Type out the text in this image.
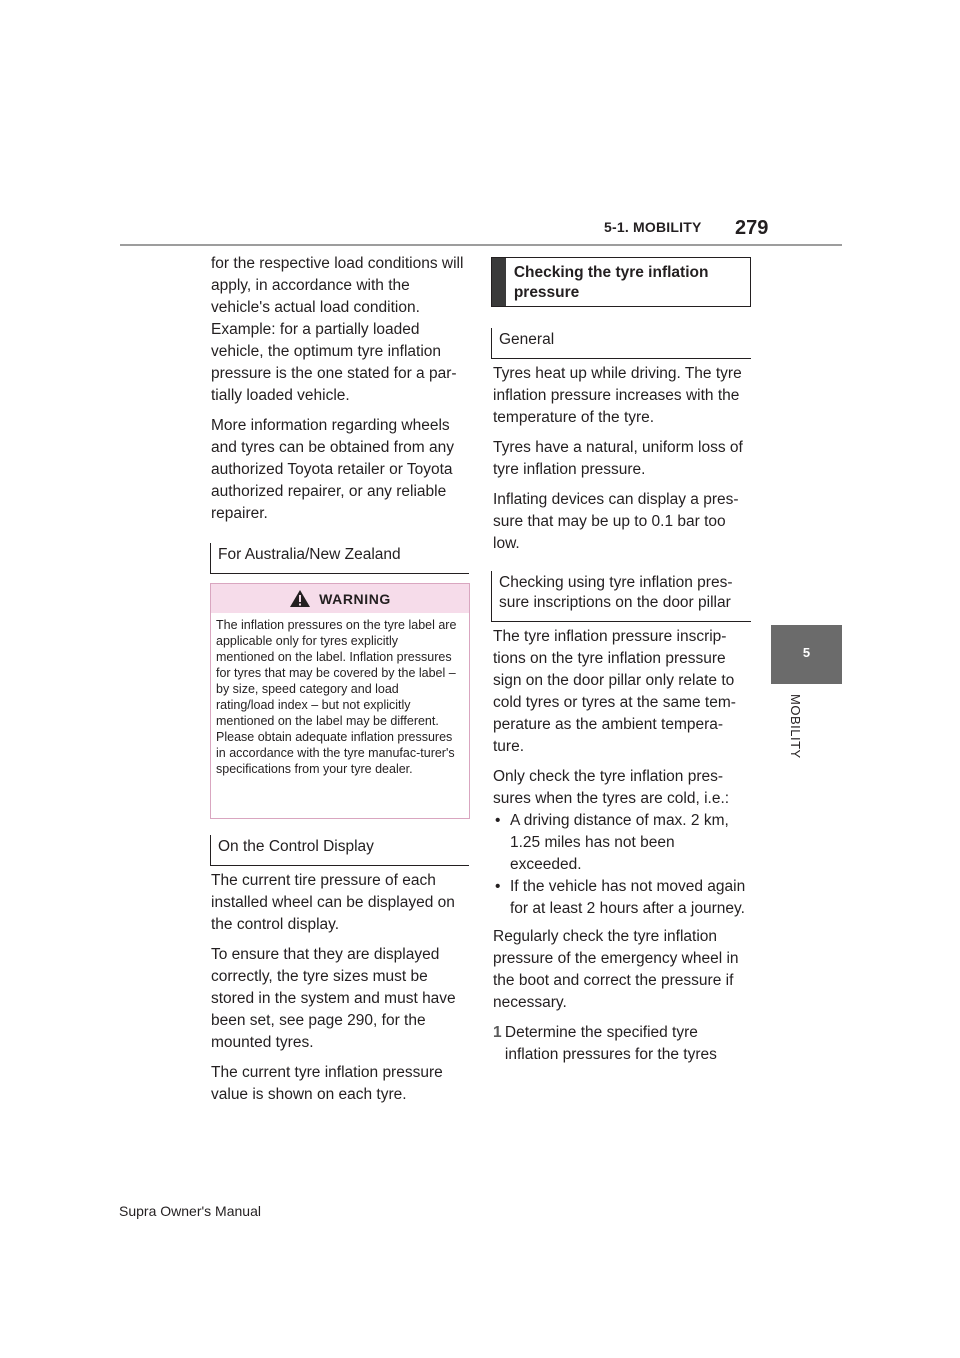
5-1. MOBILITY 279
5
MOBILITY

for the respective load conditions will apply, in accordance with the vehicle's actual load condition. Example: for a partially loaded vehicle, the optimum tyre inflation pressure is the one stated for a par-tially loaded vehicle.

More information regarding wheels and tyres can be obtained from any authorized Toyota retailer or Toyota authorized repairer, or any reliable repairer.

For Australia/New Zealand
WARNING
The inflation pressures on the tyre label are applicable only for tyres explicitly mentioned on the label. Inflation pressures for tyres that may be covered by the label – by size, speed category and load rating/load index – but not explicitly mentioned on the label may be different. Please obtain adequate inflation pressures in accordance with the tyre manufac-turer's specifications from your tyre dealer.
On the Control Display

The current tire pressure of each installed wheel can be displayed on the control display.

To ensure that they are displayed correctly, the tyre sizes must be stored in the system and must have been set, see page 290, for the mounted tyres.

The current tyre inflation pressure value is shown on each tyre.

Checking the tyre inflation pressure
General

Tyres heat up while driving. The tyre inflation pressure increases with the temperature of the tyre.

Tyres have a natural, uniform loss of tyre inflation pressure.

Inflating devices can display a pres-sure that may be up to 0.1 bar too low.

Checking using tyre inflation pres-sure inscriptions on the door pillar

The tyre inflation pressure inscrip-tions on the tyre inflation pressure sign on the door pillar only relate to cold tyres or tyres at the same tem-perature as the ambient tempera-ture.

Only check the tyre inflation pres-sures when the tyres are cold, i.e.:

• A driving distance of max. 2 km, 1.25 miles has not been exceeded.
• If the vehicle has not moved again for at least 2 hours after a journey.

Regularly check the tyre inflation pressure of the emergency wheel in the boot and correct the pressure if necessary.

1 Determine the specified tyre inflation pressures for the tyres
Supra Owner's Manual
